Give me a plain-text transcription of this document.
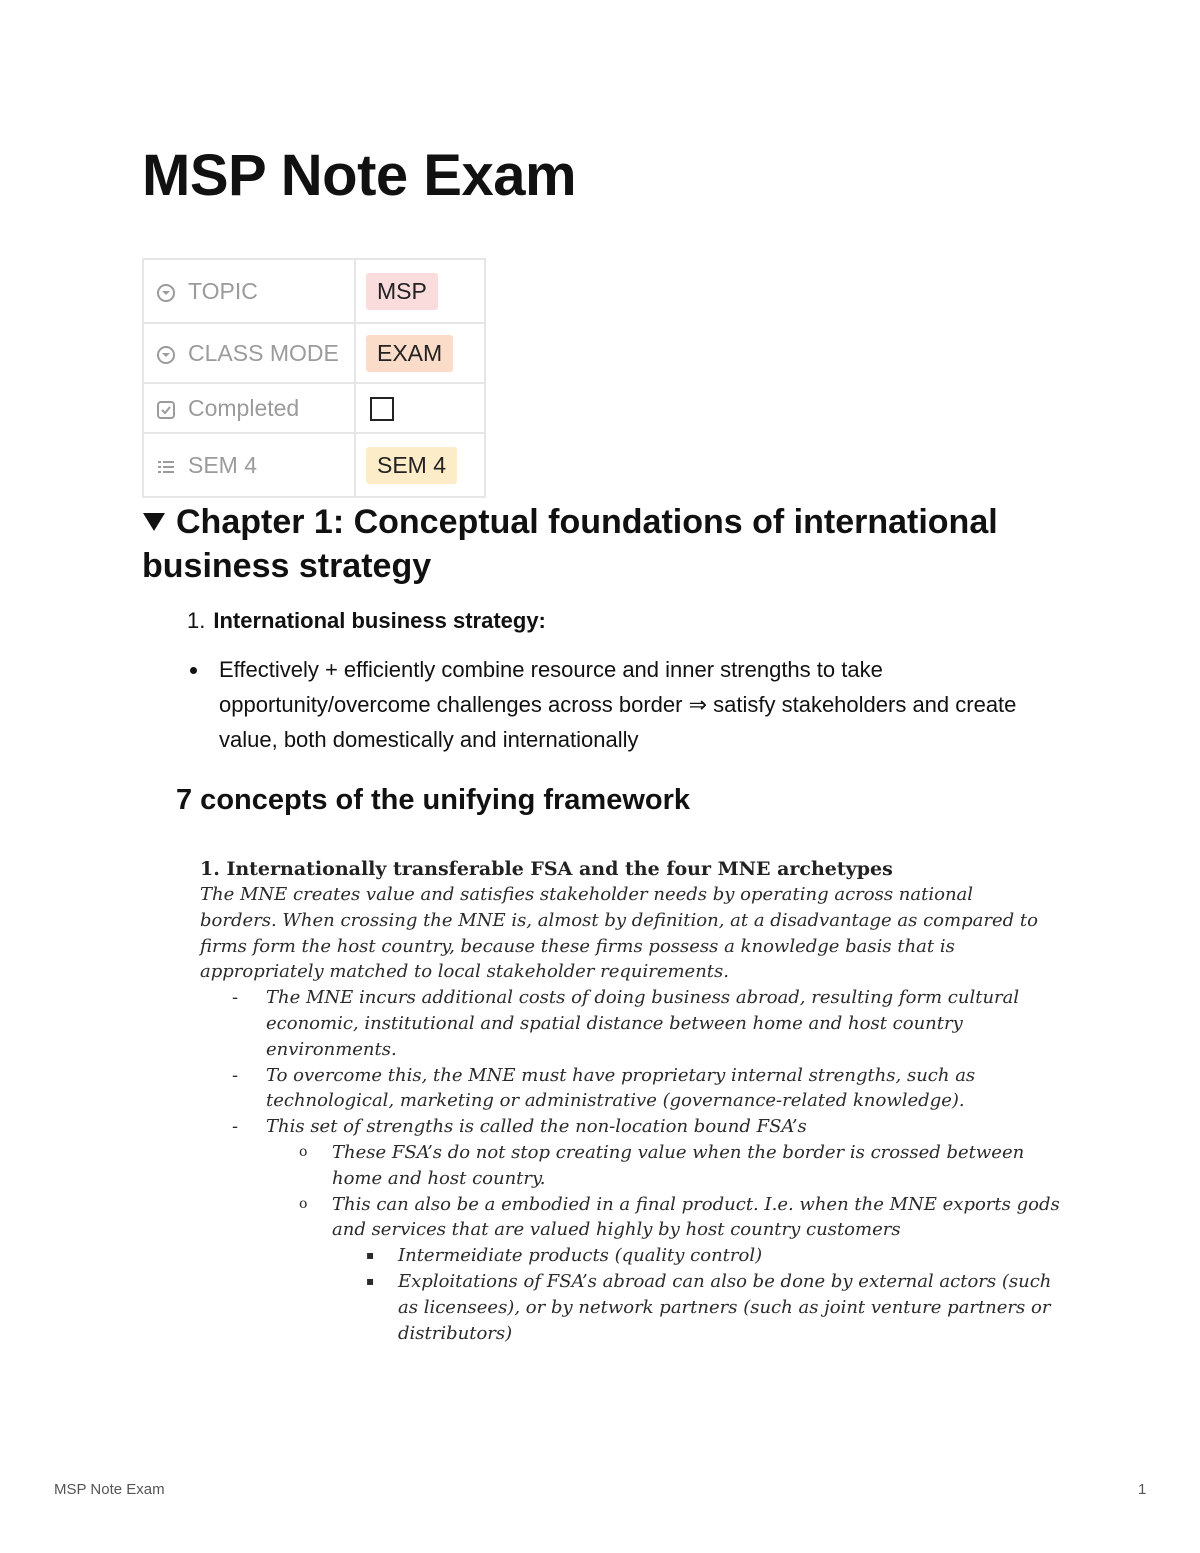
MSP Note Exam
TOPIC	MSP

CLASS MODE	EXAM

Completed	

SEM 4	SEM 4
Chapter 1: Conceptual foundations of international business strategy
1. International business strategy:
Effectively + efficiently combine resource and inner strengths to take opportunity/overcome challenges across border ⇒ satisfy stakeholders and create value, both domestically and internationally
7 concepts of the unifying framework

1. Internationally transferable FSA and the four MNE archetypes

The MNE creates value and satisfies stakeholder needs by operating across national borders. When crossing the MNE is, almost by definition, at a disadvantage as compared to firms form the host country, because these firms possess a knowledge basis that is appropriately matched to local stakeholder requirements.

- The MNE incurs additional costs of doing business abroad, resulting form cultural economic, institutional and spatial distance between home and host country environments.
- To overcome this, the MNE must have proprietary internal strengths, such as technological, marketing or administrative (governance-related knowledge).
- This set of strengths is called the non-location bound FSA’s
o These FSA’s do not stop creating value when the border is crossed between home and host country.
o This can also be a embodied in a final product. I.e. when the MNE exports gods and services that are valued highly by host country customers
▪ Intermeidiate products (quality control)
▪ Exploitations of FSA’s abroad can also be done by external actors (such as licensees), or by network partners (such as joint venture partners or distributors)
MSP Note Exam	1
